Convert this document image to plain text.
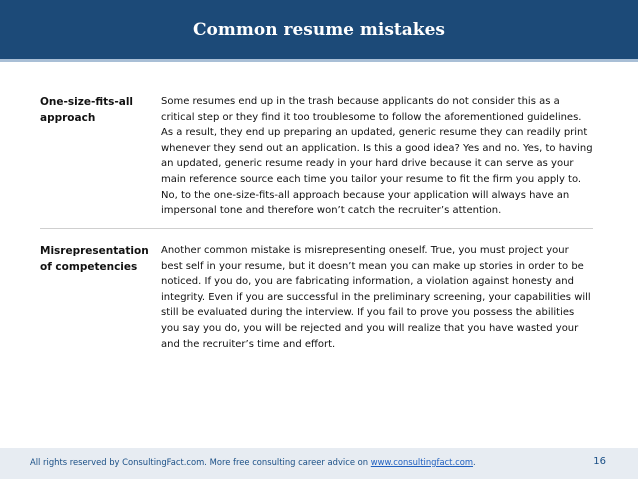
Common resume mistakes
One-size-fits-all approach
Some resumes end up in the trash because applicants do not consider this as a critical step or they find it too troublesome to follow the aforementioned guidelines. As a result, they end up preparing an updated, generic resume they can readily print whenever they send out an application. Is this a good idea? Yes and no. Yes, to having an updated, generic resume ready in your hard drive because it can serve as your main reference source each time you tailor your resume to fit the firm you apply to. No, to the one-size-fits-all approach because your application will always have an impersonal tone and therefore won’t catch the recruiter’s attention.
Misrepresentation of competencies
Another common mistake is misrepresenting oneself. True, you must project your best self in your resume, but it doesn’t mean you can make up stories in order to be noticed. If you do, you are fabricating information, a violation against honesty and integrity. Even if you are successful in the preliminary screening, your capabilities will still be evaluated during the interview. If you fail to prove you possess the abilities you say you do, you will be rejected and you will realize that you have wasted your and the recruiter’s time and effort.
All rights reserved by ConsultingFact.com. More free consulting career advice on www.consultingfact.com.	16
